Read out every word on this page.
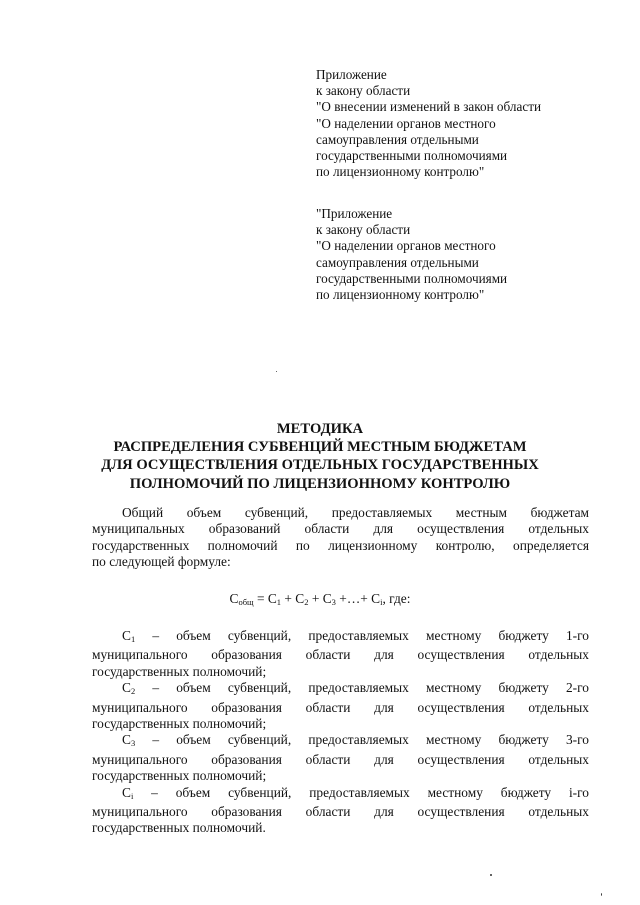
Приложение
к закону области
"О внесении изменений в закон области
"О наделении органов местного
самоуправления отдельными
государственными полномочиями
по лицензионному контролю"
"Приложение
к закону области
"О наделении органов местного
самоуправления отдельными
государственными полномочиями
по лицензионному контролю"
МЕТОДИКА
РАСПРЕДЕЛЕНИЯ СУБВЕНЦИЙ МЕСТНЫМ БЮДЖЕТАМ
ДЛЯ ОСУЩЕСТВЛЕНИЯ ОТДЕЛЬНЫХ ГОСУДАРСТВЕННЫХ
ПОЛНОМОЧИЙ ПО ЛИЦЕНЗИОННОМУ КОНТРОЛЮ
Общий объем субвенций, предоставляемых местным бюджетам
муниципальных образований области для осуществления отдельных
государственных полномочий по лицензионному контролю, определяется
по следующей формуле:
$С_{общ} = С_1 + С_2 + С_3$ +…+ $С_i$, где:
$С_1$ – объем субвенций, предоставляемых местному бюджету 1-го
муниципального образования области для осуществления отдельных
государственных полномочий;
$С_2$ – объем субвенций, предоставляемых местному бюджету 2-го
муниципального образования области для осуществления отдельных
государственных полномочий;
$С_3$ – объем субвенций, предоставляемых местному бюджету 3-го
муниципального образования области для осуществления отдельных
государственных полномочий;
$С_i$ – объем субвенций, предоставляемых местному бюджету i-го
муниципального образования области для осуществления отдельных
государственных полномочий.
